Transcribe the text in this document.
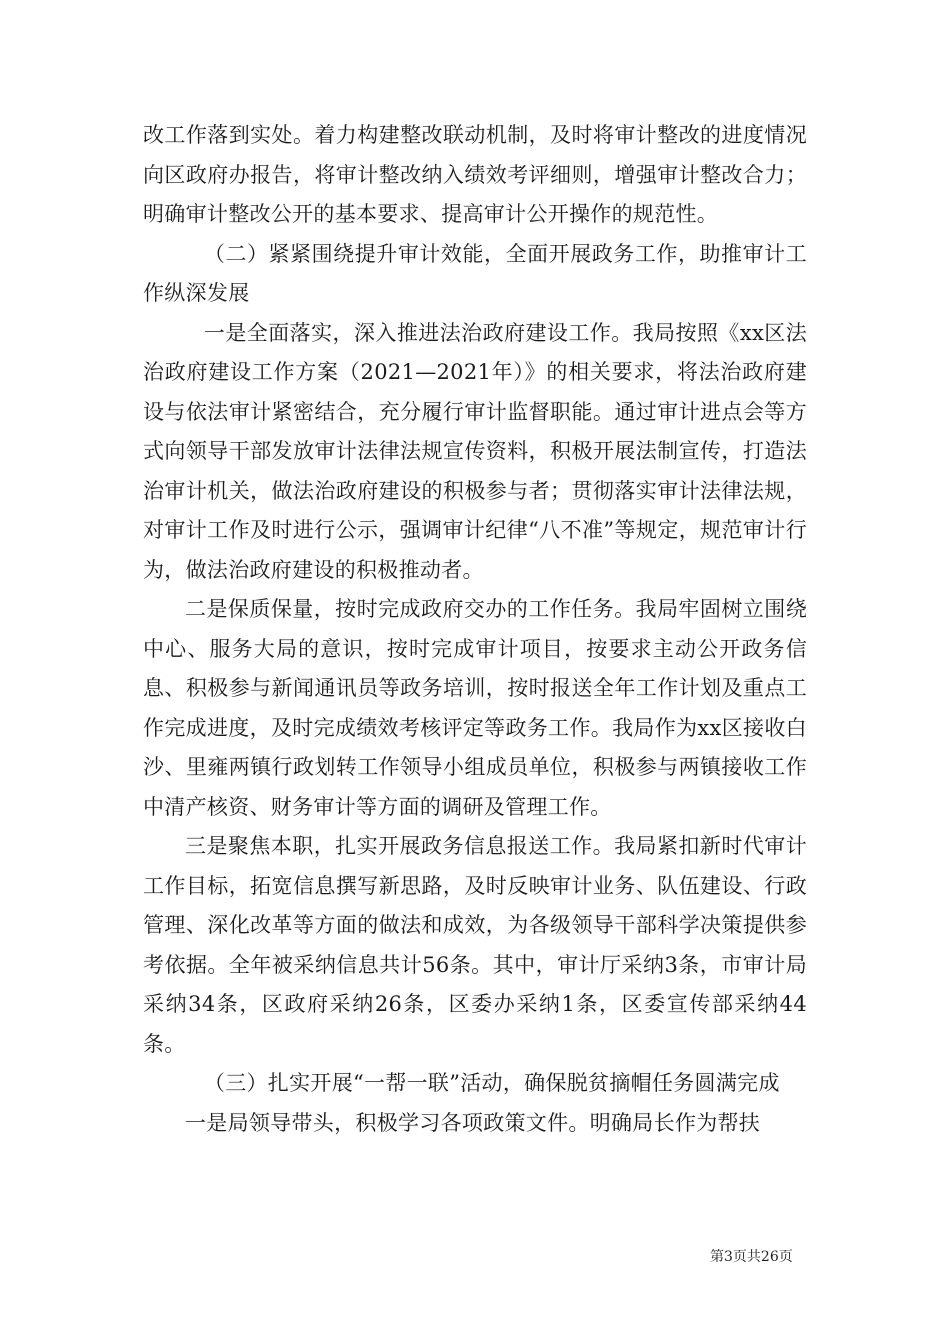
改工作落到实处。着力构建整改联动机制，及时将审计整改的进度情况向区政府办报告，将审计整改纳入绩效考评细则，增强审计整改合力；明确审计整改公开的基本要求、提高审计公开操作的规范性。

（二）紧紧围绕提升审计效能，全面开展政务工作，助推审计工作纵深发展

一是全面落实，深入推进法治政府建设工作。我局按照《xx区法治政府建设工作方案（2021—2021年）》的相关要求，将法治政府建设与依法审计紧密结合，充分履行审计监督职能。通过审计进点会等方式向领导干部发放审计法律法规宣传资料，积极开展法制宣传，打造法治审计机关，做法治政府建设的积极参与者；贯彻落实审计法律法规，对审计工作及时进行公示，强调审计纪律“八不准”等规定，规范审计行为，做法治政府建设的积极推动者。

二是保质保量，按时完成政府交办的工作任务。我局牢固树立围绕中心、服务大局的意识，按时完成审计项目，按要求主动公开政务信息、积极参与新闻通讯员等政务培训，按时报送全年工作计划及重点工作完成进度，及时完成绩效考核评定等政务工作。我局作为xx区接收白沙、里雍两镇行政划转工作领导小组成员单位，积极参与两镇接收工作中清产核资、财务审计等方面的调研及管理工作。

三是聚焦本职，扎实开展政务信息报送工作。我局紧扣新时代审计工作目标，拓宽信息撰写新思路，及时反映审计业务、队伍建设、行政管理、深化改革等方面的做法和成效，为各级领导干部科学决策提供参考依据。全年被采纳信息共计56条。其中，审计厅采纳3条，市审计局采纳34条，区政府采纳26条，区委办采纳1条，区委宣传部采纳44条。

（三）扎实开展“一帮一联”活动，确保脱贫摘帽任务圆满完成

一是局领导带头，积极学习各项政策文件。明确局长作为帮扶

第3页共26页
